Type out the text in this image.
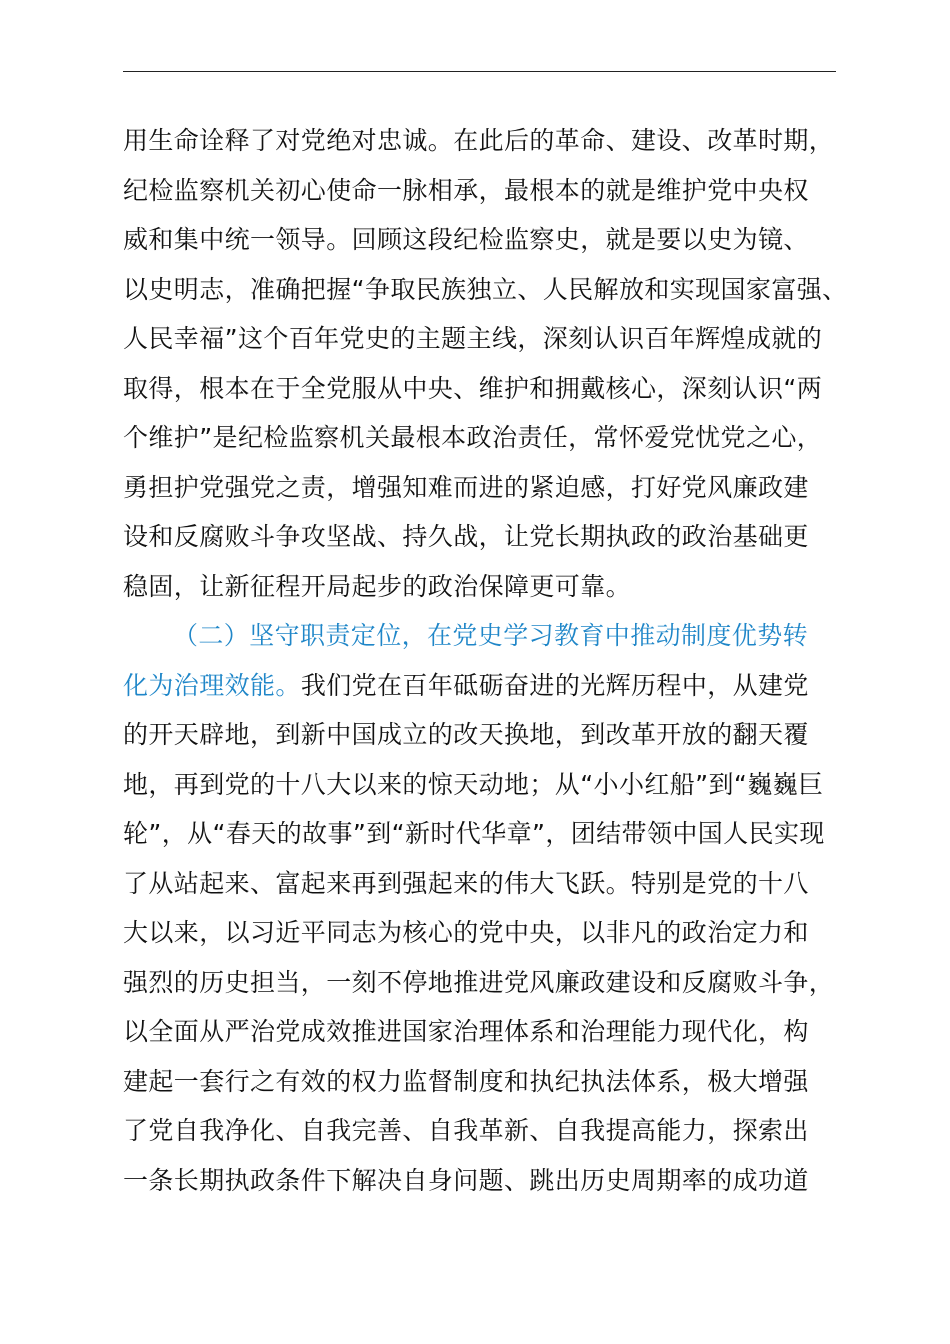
用生命诠释了对党绝对忠诚。在此后的革命、建设、改革时期，
纪检监察机关初心使命一脉相承，最根本的就是维护党中央权
威和集中统一领导。回顾这段纪检监察史，就是要以史为镜、
以史明志，准确把握“争取民族独立、人民解放和实现国家富强、
人民幸福”这个百年党史的主题主线，深刻认识百年辉煌成就的
取得，根本在于全党服从中央、维护和拥戴核心，深刻认识“两
个维护”是纪检监察机关最根本政治责任，常怀爱党忧党之心，
勇担护党强党之责，增强知难而进的紧迫感，打好党风廉政建
设和反腐败斗争攻坚战、持久战，让党长期执政的政治基础更
稳固，让新征程开局起步的政治保障更可靠。
（二）坚守职责定位，在党史学习教育中推动制度优势转
化为治理效能。我们党在百年砥砺奋进的光辉历程中，从建党
的开天辟地，到新中国成立的改天换地，到改革开放的翻天覆
地，再到党的十八大以来的惊天动地；从“小小红船”到“巍巍巨
轮”，从“春天的故事”到“新时代华章”，团结带领中国人民实现
了从站起来、富起来再到强起来的伟大飞跃。特别是党的十八
大以来，以习近平同志为核心的党中央，以非凡的政治定力和
强烈的历史担当，一刻不停地推进党风廉政建设和反腐败斗争，
以全面从严治党成效推进国家治理体系和治理能力现代化，构
建起一套行之有效的权力监督制度和执纪执法体系，极大增强
了党自我净化、自我完善、自我革新、自我提高能力，探索出
一条长期执政条件下解决自身问题、跳出历史周期率的成功道
